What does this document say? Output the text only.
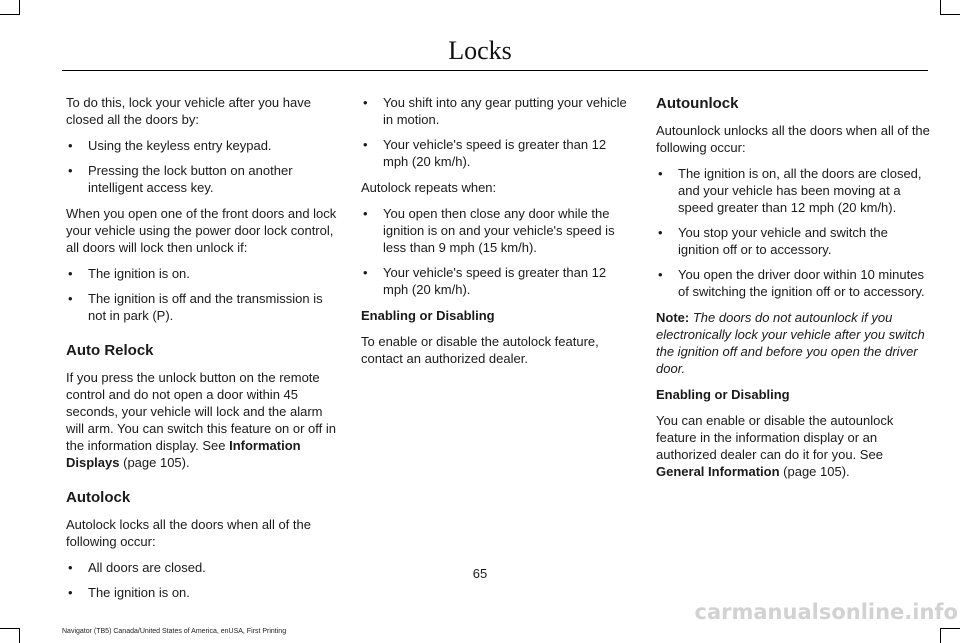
Locks

To do this, lock your vehicle after you have closed all the doors by:

• Using the keyless entry keypad.
• Pressing the lock button on another intelligent access key.

When you open one of the front doors and lock your vehicle using the power door lock control, all doors will lock then unlock if:

• The ignition is on.
• The ignition is off and the transmission is not in park (P).
Auto Relock

If you press the unlock button on the remote control and do not open a door within 45 seconds, your vehicle will lock and the alarm will arm. You can switch this feature on or off in the information display. See Information Displays (page 105).

Autolock

Autolock locks all the doors when all of the following occur:

• All doors are closed.
• The ignition is on.
• You shift into any gear putting your vehicle in motion.
• Your vehicle's speed is greater than 12 mph (20 km/h).

Autolock repeats when:

• You open then close any door while the ignition is on and your vehicle's speed is less than 9 mph (15 km/h).
• Your vehicle's speed is greater than 12 mph (20 km/h).
Enabling or Disabling

To enable or disable the autolock feature, contact an authorized dealer.

Autounlock

Autounlock unlocks all the doors when all of the following occur:

• The ignition is on, all the doors are closed, and your vehicle has been moving at a speed greater than 12 mph (20 km/h).
• You stop your vehicle and switch the ignition off or to accessory.
• You open the driver door within 10 minutes of switching the ignition off or to accessory.

Note: The doors do not autounlock if you electronically lock your vehicle after you switch the ignition off and before you open the driver door.

Enabling or Disabling

You can enable or disable the autounlock feature in the information display or an authorized dealer can do it for you. See General Information (page 105).

65
Navigator (TB5) Canada/United States of America, enUSA, First Printing
carmanualsonline.info
